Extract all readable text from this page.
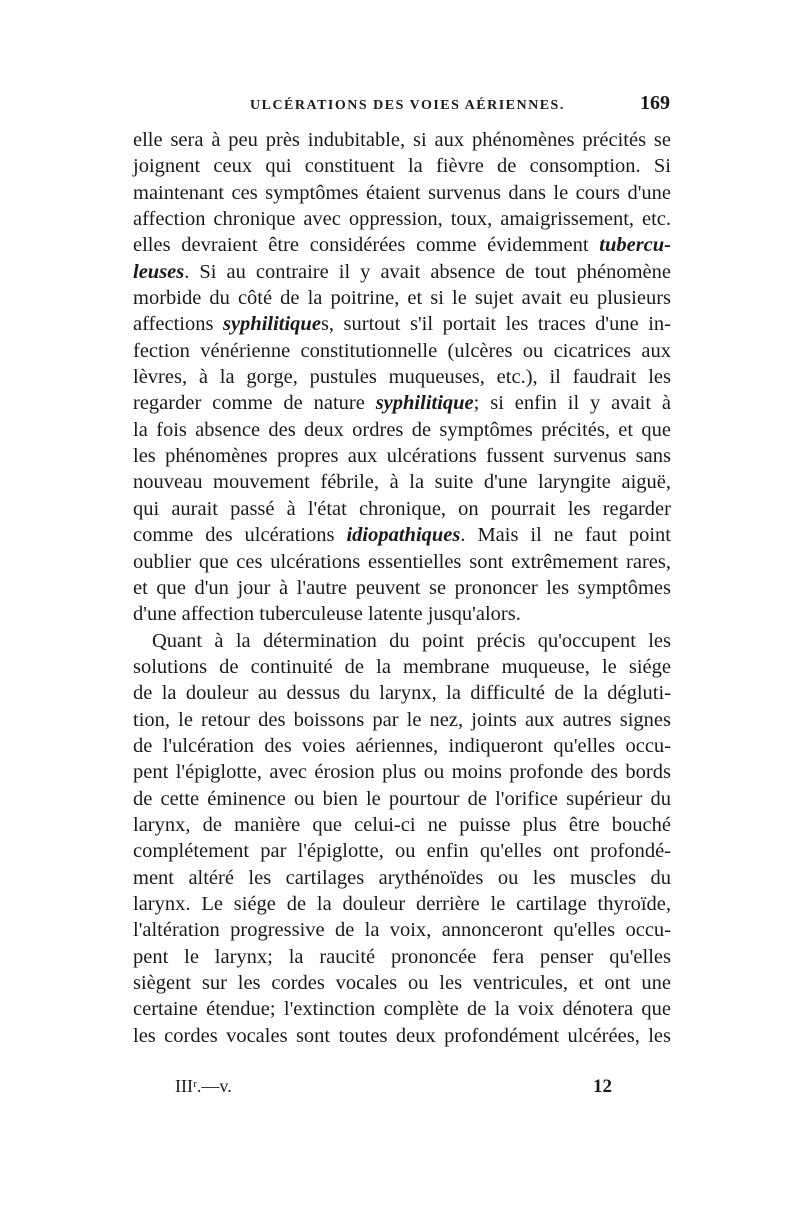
ULCÉRATIONS DES VOIES AÉRIENNES.	169
elle sera à peu près indubitable, si aux phénomènes précités se
joignent ceux qui constituent la fièvre de consomption. Si
maintenant ces symptômes étaient survenus dans le cours d'une
affection chronique avec oppression, toux, amaigrissement, etc.
elles devraient être considérées comme évidemment tubercu-
leuses. Si au contraire il y avait absence de tout phénomène
morbide du côté de la poitrine, et si le sujet avait eu plusieurs
affections syphilitiques, surtout s'il portait les traces d'une in-
fection vénérienne constitutionnelle (ulcères ou cicatrices aux
lèvres, à la gorge, pustules muqueuses, etc.), il faudrait les
regarder comme de nature syphilitique; si enfin il y avait à
la fois absence des deux ordres de symptômes précités, et que
les phénomènes propres aux ulcérations fussent survenus sans
nouveau mouvement fébrile, à la suite d'une laryngite aiguë,
qui aurait passé à l'état chronique, on pourrait les regarder
comme des ulcérations idiopathiques. Mais il ne faut point
oublier que ces ulcérations essentielles sont extrêmement rares,
et que d'un jour à l'autre peuvent se prononcer les symptômes
d'une affection tuberculeuse latente jusqu'alors.
Quant à la détermination du point précis qu'occupent les
solutions de continuité de la membrane muqueuse, le siége
de la douleur au dessus du larynx, la difficulté de la dégluti-
tion, le retour des boissons par le nez, joints aux autres signes
de l'ulcération des voies aériennes, indiqueront qu'elles occu-
pent l'épiglotte, avec érosion plus ou moins profonde des bords
de cette éminence ou bien le pourtour de l'orifice supérieur du
larynx, de manière que celui-ci ne puisse plus être bouché
complétement par l'épiglotte, ou enfin qu'elles ont profondé-
ment altéré les cartilages arythénoïdes ou les muscles du
larynx. Le siége de la douleur derrière le cartilage thyroïde,
l'altération progressive de la voix, annonceront qu'elles occu-
pent le larynx; la raucité prononcée fera penser qu'elles
siègent sur les cordes vocales ou les ventricules, et ont une
certaine étendue; l'extinction complète de la voix dénotera que
les cordes vocales sont toutes deux profondément ulcérées, les
IIIʳ.—v.	12
